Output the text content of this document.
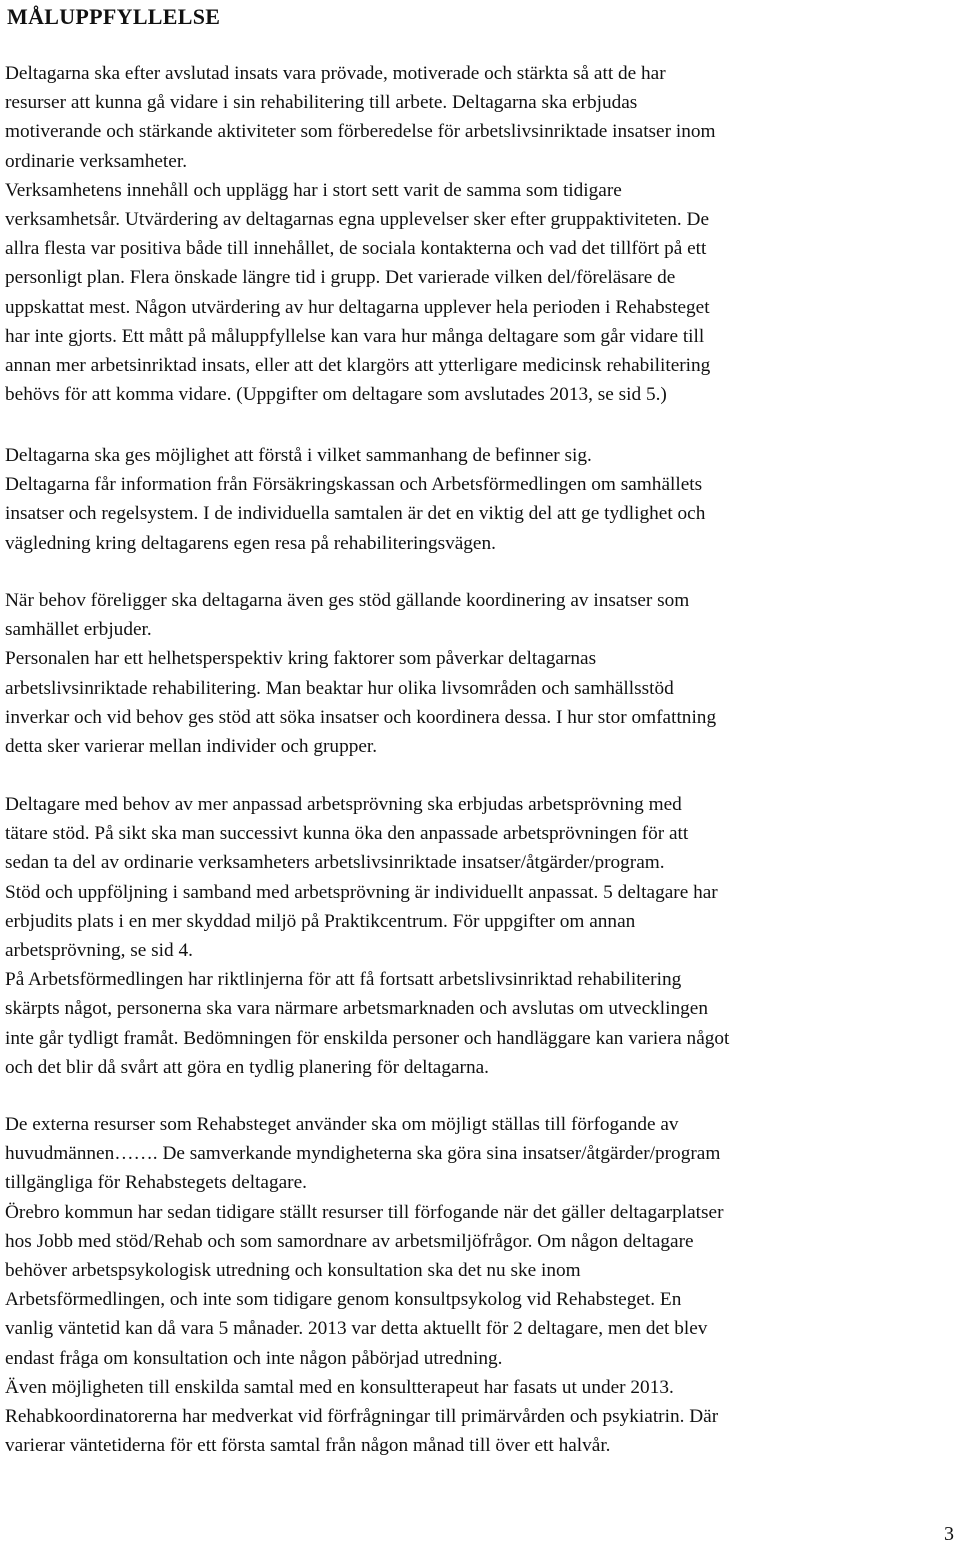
MÅLUPPFYLLELSE
Deltagarna ska efter avslutad insats vara prövade, motiverade och stärkta så att de har
resurser att kunna gå vidare i sin rehabilitering till arbete. Deltagarna ska erbjudas
motiverande och stärkande aktiviteter som förberedelse för arbetslivsinriktade insatser inom
ordinarie verksamheter.
Verksamhetens innehåll och upplägg har i stort sett varit de samma som tidigare
verksamhetsår. Utvärdering av deltagarnas egna upplevelser sker efter gruppaktiviteten. De
allra flesta var positiva både till innehållet, de sociala kontakterna och vad det tillfört på ett
personligt plan. Flera önskade längre tid i grupp. Det varierade vilken del/föreläsare de
uppskattat mest. Någon utvärdering av hur deltagarna upplever hela perioden i Rehabsteget
har inte gjorts. Ett mått på måluppfyllelse kan vara hur många deltagare som går vidare till
annan mer arbetsinriktad insats, eller att det klargörs att ytterligare medicinsk rehabilitering
behövs för att komma vidare. (Uppgifter om deltagare som avslutades 2013, se sid 5.)
Deltagarna ska ges möjlighet att förstå i vilket sammanhang de befinner sig.
Deltagarna får information från Försäkringskassan och Arbetsförmedlingen om samhällets
insatser och regelsystem. I de individuella samtalen är det en viktig del att ge tydlighet och
vägledning kring deltagarens egen resa på rehabiliteringsvägen.
När behov föreligger ska deltagarna även ges stöd gällande koordinering av insatser som
samhället erbjuder.
Personalen har ett helhetsperspektiv kring faktorer som påverkar deltagarnas
arbetslivsinriktade rehabilitering. Man beaktar hur olika livsområden och samhällsstöd
inverkar och vid behov ges stöd att söka insatser och koordinera dessa. I hur stor omfattning
detta sker varierar mellan individer och grupper.
Deltagare med behov av mer anpassad arbetsprövning ska erbjudas arbetsprövning med
tätare stöd. På sikt ska man successivt kunna öka den anpassade arbetsprövningen för att
sedan ta del av ordinarie verksamheters arbetslivsinriktade insatser/åtgärder/program.
Stöd och uppföljning i samband med arbetsprövning är individuellt anpassat. 5 deltagare har
erbjudits plats i en mer skyddad miljö på Praktikcentrum. För uppgifter om annan
arbetsprövning, se sid 4.
På Arbetsförmedlingen har riktlinjerna för att få fortsatt arbetslivsinriktad rehabilitering
skärpts något, personerna ska vara närmare arbetsmarknaden och avslutas om utvecklingen
inte går tydligt framåt. Bedömningen för enskilda personer och handläggare kan variera något
och det blir då svårt att göra en tydlig planering för deltagarna.
De externa resurser som Rehabsteget använder ska om möjligt ställas till förfogande av
huvudmännen……. De samverkande myndigheterna ska göra sina insatser/åtgärder/program
tillgängliga för Rehabstegets deltagare.
Örebro kommun har sedan tidigare ställt resurser till förfogande när det gäller deltagarplatser
hos Jobb med stöd/Rehab och som samordnare av arbetsmiljöfrågor. Om någon deltagare
behöver arbetspsykologisk utredning och konsultation ska det nu ske inom
Arbetsförmedlingen, och inte som tidigare genom konsultpsykolog vid Rehabsteget. En
vanlig väntetid kan då vara 5 månader. 2013 var detta aktuellt för 2 deltagare, men det blev
endast fråga om konsultation och inte någon påbörjad utredning.
Även möjligheten till enskilda samtal med en konsultterapeut har fasats ut under 2013.
Rehabkoordinatorerna har medverkat vid förfrågningar till primärvården och psykiatrin. Där
varierar väntetiderna för ett första samtal från någon månad till över ett halvår.
3
